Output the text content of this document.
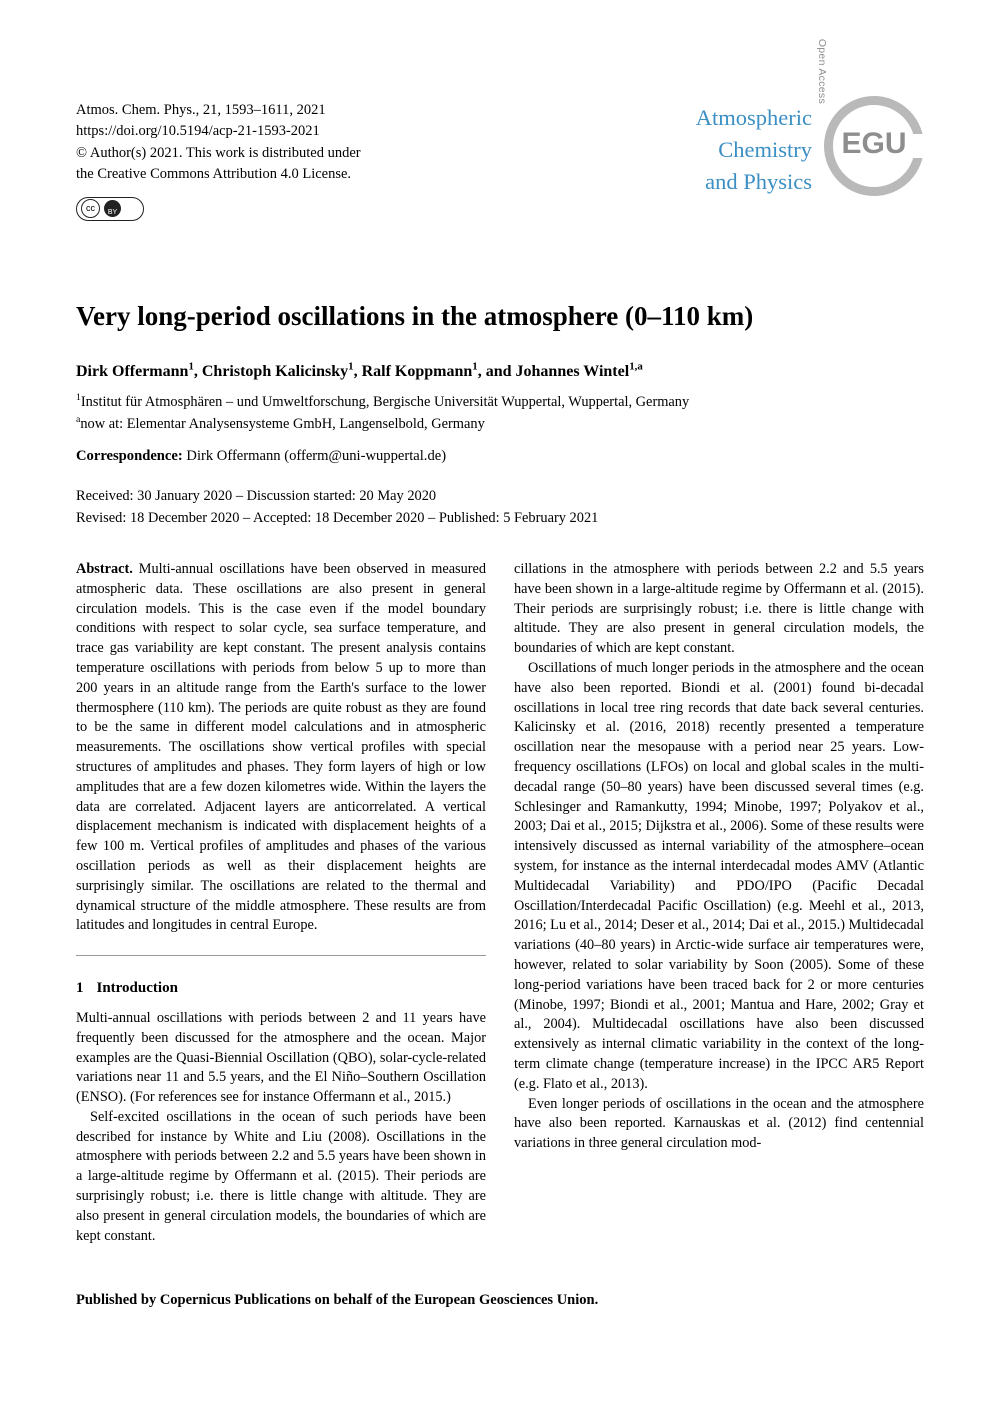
Atmos. Chem. Phys., 21, 1593–1611, 2021
https://doi.org/10.5194/acp-21-1593-2021
© Author(s) 2021. This work is distributed under
the Creative Commons Attribution 4.0 License.
cc	BY
Atmospheric
Chemistry
and Physics
Open Access
EGU
Very long-period oscillations in the atmosphere (0–110 km)
Dirk Offermann$^1$, Christoph Kalicinsky$^1$, Ralf Koppmann$^1$, and Johannes Wintel$^{1,a}$
$^1$Institut für Atmosphären – und Umweltforschung, Bergische Universität Wuppertal, Wuppertal, Germany
$^a$now at: Elementar Analysensysteme GmbH, Langenselbold, Germany
Correspondence: Dirk Offermann (offerm@uni-wuppertal.de)
Received: 30 January 2020 – Discussion started: 20 May 2020
Revised: 18 December 2020 – Accepted: 18 December 2020 – Published: 5 February 2021

Abstract. Multi-annual oscillations have been observed in measured atmospheric data. These oscillations are also present in general circulation models. This is the case even if the model boundary conditions with respect to solar cycle, sea surface temperature, and trace gas variability are kept constant. The present analysis contains temperature oscillations with periods from below 5 up to more than 200 years in an altitude range from the Earth's surface to the lower thermosphere (110 km). The periods are quite robust as they are found to be the same in different model calculations and in atmospheric measurements. The oscillations show vertical profiles with special structures of amplitudes and phases. They form layers of high or low amplitudes that are a few dozen kilometres wide. Within the layers the data are correlated. Adjacent layers are anticorrelated. A vertical displacement mechanism is indicated with displacement heights of a few 100 m. Vertical profiles of amplitudes and phases of the various oscillation periods as well as their displacement heights are surprisingly similar. The oscillations are related to the thermal and dynamical structure of the middle atmosphere. These results are from latitudes and longitudes in central Europe.

1 Introduction

Multi-annual oscillations with periods between 2 and 11 years have frequently been discussed for the atmosphere and the ocean. Major examples are the Quasi-Biennial Oscillation (QBO), solar-cycle-related variations near 11 and 5.5 years, and the El Niño–Southern Oscillation (ENSO). (For references see for instance Offermann et al., 2015.)

Self-excited oscillations in the ocean of such periods have been described for instance by White and Liu (2008). Oscillations in the atmosphere with periods between 2.2 and 5.5 years have been shown in a large-altitude regime by Offermann et al. (2015). Their periods are surprisingly robust; i.e. there is little change with altitude. They are also present in general circulation models, the boundaries of which are kept constant.

cillations in the atmosphere with periods between 2.2 and 5.5 years have been shown in a large-altitude regime by Offermann et al. (2015). Their periods are surprisingly robust; i.e. there is little change with altitude. They are also present in general circulation models, the boundaries of which are kept constant.

Oscillations of much longer periods in the atmosphere and the ocean have also been reported. Biondi et al. (2001) found bi-decadal oscillations in local tree ring records that date back several centuries. Kalicinsky et al. (2016, 2018) recently presented a temperature oscillation near the mesopause with a period near 25 years. Low-frequency oscillations (LFOs) on local and global scales in the multi-decadal range (50–80 years) have been discussed several times (e.g. Schlesinger and Ramankutty, 1994; Minobe, 1997; Polyakov et al., 2003; Dai et al., 2015; Dijkstra et al., 2006). Some of these results were intensively discussed as internal variability of the atmosphere–ocean system, for instance as the internal interdecadal modes AMV (Atlantic Multidecadal Variability) and PDO/IPO (Pacific Decadal Oscillation/Interdecadal Pacific Oscillation) (e.g. Meehl et al., 2013, 2016; Lu et al., 2014; Deser et al., 2014; Dai et al., 2015.) Multidecadal variations (40–80 years) in Arctic-wide surface air temperatures were, however, related to solar variability by Soon (2005). Some of these long-period variations have been traced back for 2 or more centuries (Minobe, 1997; Biondi et al., 2001; Mantua and Hare, 2002; Gray et al., 2004). Multidecadal oscillations have also been discussed extensively as internal climatic variability in the context of the long-term climate change (temperature increase) in the IPCC AR5 Report (e.g. Flato et al., 2013).

Even longer periods of oscillations in the ocean and the atmosphere have also been reported. Karnauskas et al. (2012) find centennial variations in three general circulation mod-

Published by Copernicus Publications on behalf of the European Geosciences Union.
